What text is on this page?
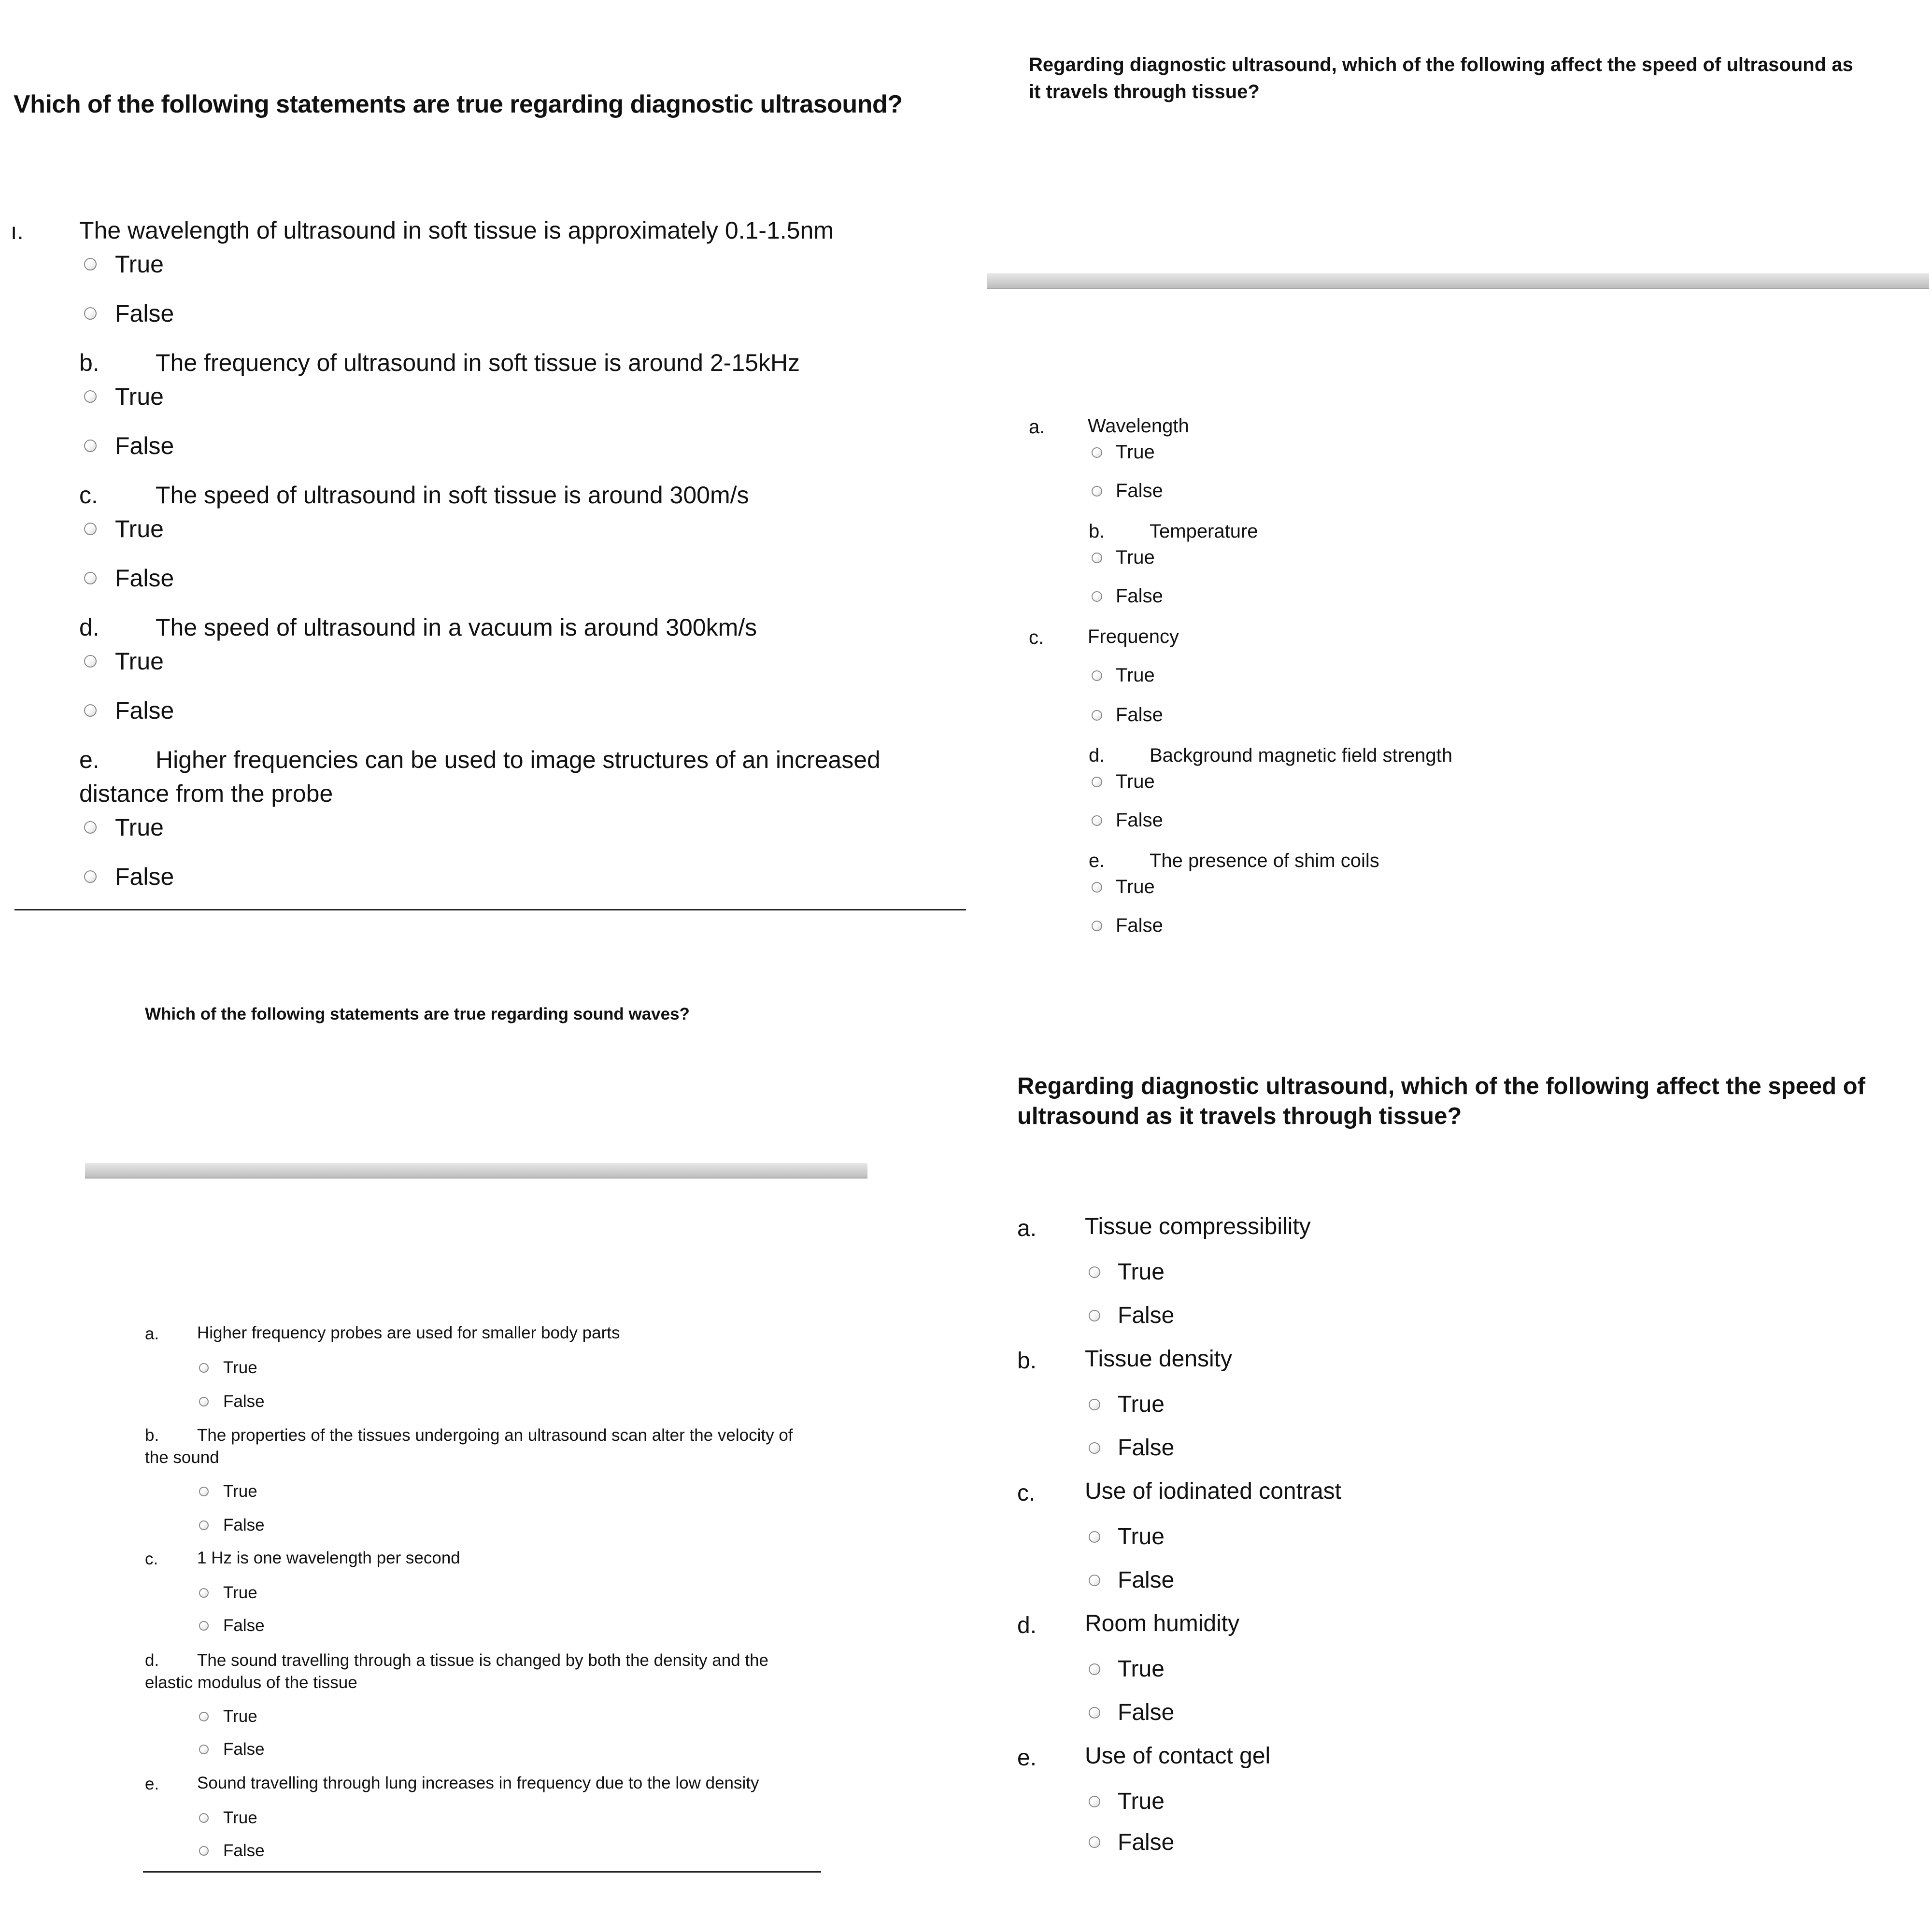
Vhich of the following statements are true regarding diagnostic ultrasound?
ı. The wavelength of ultrasound in soft tissue is approximately 0.1-1.5nm
True
False
b. The frequency of ultrasound in soft tissue is around 2-15kHz
True
False
c. The speed of ultrasound in soft tissue is around 300m/s
True
False
d. The speed of ultrasound in a vacuum is around 300km/s
True
False
e. Higher frequencies can be used to image structures of an increased
distance from the probe
True
False
Regarding diagnostic ultrasound, which of the following affect the speed of ultrasound as it travels through tissue?
a. Wavelength
True
False
b. Temperature
True
False
c. Frequency
True
False
d. Background magnetic field strength
True
False
e. The presence of shim coils
True
False
Which of the following statements are true regarding sound waves?
a. Higher frequency probes are used for smaller body parts
True
False
b. The properties of the tissues undergoing an ultrasound scan alter the velocity of
the sound
True
False
c. 1 Hz is one wavelength per second
True
False
d. The sound travelling through a tissue is changed by both the density and the
elastic modulus of the tissue
True
False
e. Sound travelling through lung increases in frequency due to the low density
True
False
Regarding diagnostic ultrasound, which of the following affect the speed of ultrasound as it travels through tissue?
a. Tissue compressibility
True
False
b. Tissue density
True
False
c. Use of iodinated contrast
True
False
d. Room humidity
True
False
e. Use of contact gel
True
False
